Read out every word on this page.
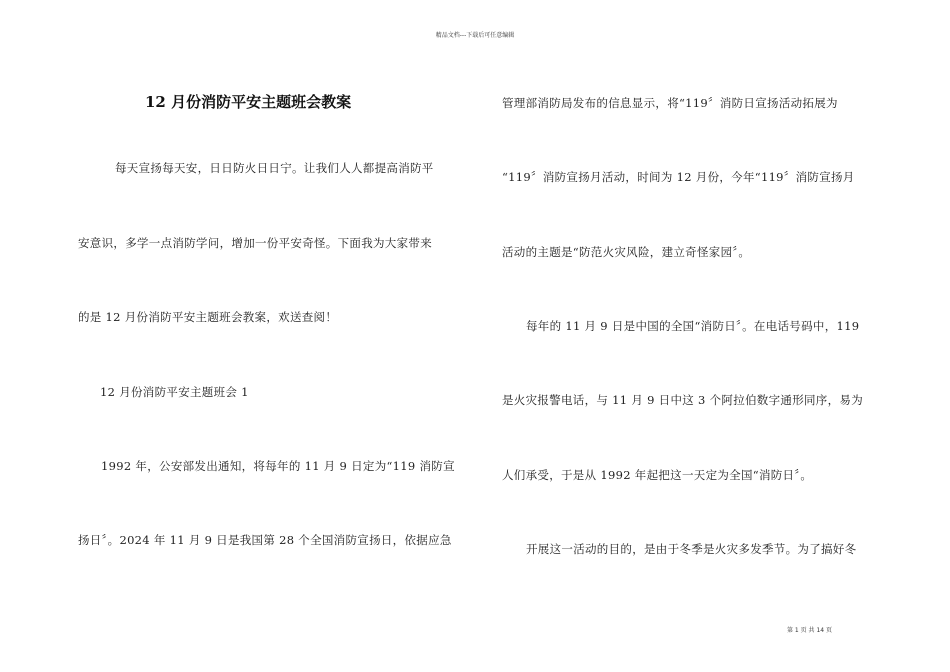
精品文档---下载后可任意编辑
12 月份消防平安主题班会教案
每天宣扬每天安，日日防火日日宁。让我们人人都提高消防平
安意识，多学一点消防学问，增加一份平安奇怪。下面我为大家带来
的是 12 月份消防平安主题班会教案，欢送查阅！
12 月份消防平安主题班会 1
1992 年，公安部发出通知，将每年的 11 月 9 日定为“119 消防宣
扬日〞。2024 年 11 月 9 日是我国第 28 个全国消防宣扬日，依据应急
管理部消防局发布的信息显示，将“119〞消防日宣扬活动拓展为
“119〞消防宣扬月活动，时间为 12 月份，今年“119〞消防宣扬月
活动的主题是“防范火灾风险，建立奇怪家园〞。
每年的 11 月 9 日是中国的全国“消防日〞。在电话号码中，119
是火灾报警电话，与 11 月 9 日中这 3 个阿拉伯数字通形同序，易为
人们承受，于是从 1992 年起把这一天定为全国“消防日〞。
开展这一活动的目的，是由于冬季是火灾多发季节。为了搞好冬
第 1 页 共 14 页
